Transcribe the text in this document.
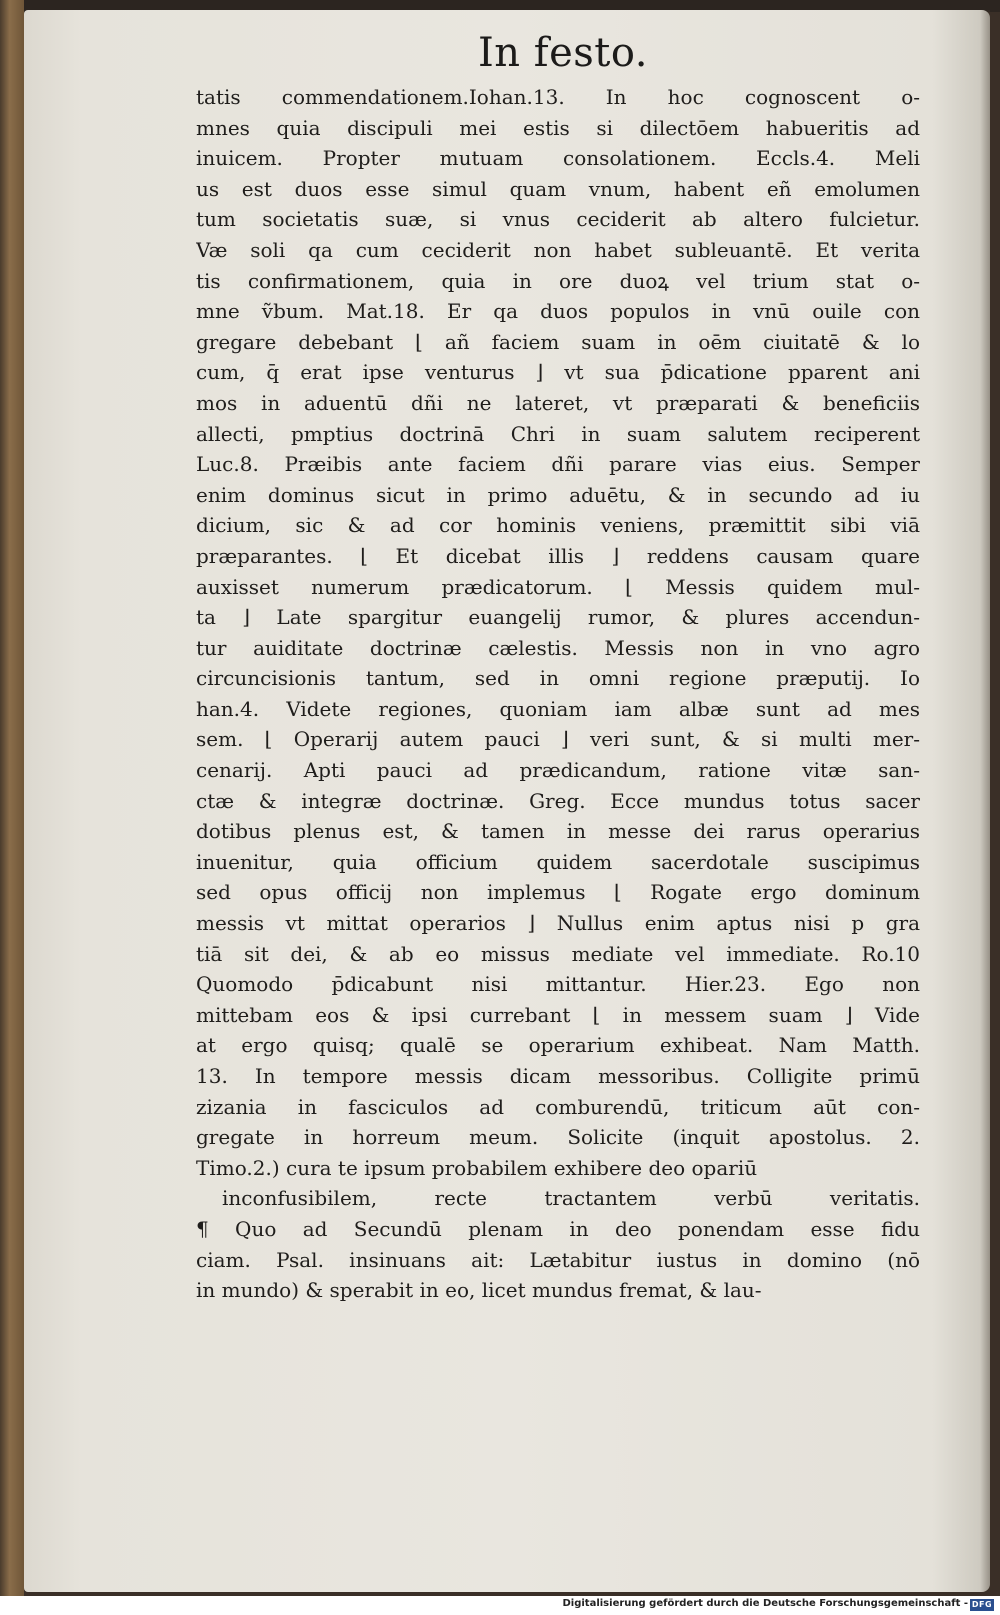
In festo.
tatis commendationem.Iohan.13. In hoc cognoscent o-
mnes quia discipuli mei estis si dilectōem habueritis ad
inuicem. Propter mutuam consolationem. Eccls.4. Meli
us est duos esse simul quam vnum, habent eñ emolumen
tum societatis suæ, si vnus ceciderit ab altero fulcietur.
Væ soli qa cum ceciderit non habet subleuantē. Et verita
tis confirmationem, quia in ore duoꝝ vel trium stat o-
mne ṽbum. Mat.18. Er qa duos populos in vnū ouile con
gregare debebant ⌊ añ faciem suam in oēm ciuitatē & lo
cum, q̄ erat ipse venturus ⌋ vt sua p̄dicatione pparent ani
mos in aduentū dñi ne lateret, vt præparati & beneficiis
allecti, pmptius doctrinā Chri in suam salutem reciperent
Luc.8. Præibis ante faciem dñi parare vias eius. Semper
enim dominus sicut in primo aduētu, & in secundo ad iu
dicium, sic & ad cor hominis veniens, præmittit sibi viā
præparantes. ⌊ Et dicebat illis ⌋ reddens causam quare
auxisset numerum prædicatorum. ⌊ Messis quidem mul-
ta ⌋ Late spargitur euangelij rumor, & plures accendun-
tur auiditate doctrinæ cælestis. Messis non in vno agro
circuncisionis tantum, sed in omni regione præputij. Io
han.4. Videte regiones, quoniam iam albæ sunt ad mes
sem. ⌊ Operarij autem pauci ⌋ veri sunt, & si multi mer-
cenarij. Apti pauci ad prædicandum, ratione vitæ san-
ctæ & integræ doctrinæ. Greg. Ecce mundus totus sacer
dotibus plenus est, & tamen in messe dei rarus operarius
inuenitur, quia officium quidem sacerdotale suscipimus
sed opus officij non implemus ⌊ Rogate ergo dominum
messis vt mittat operarios ⌋ Nullus enim aptus nisi p gra
tiā sit dei, & ab eo missus mediate vel immediate. Ro.10
Quomodo p̄dicabunt nisi mittantur. Hier.23. Ego non
mittebam eos & ipsi currebant ⌊ in messem suam ⌋ Vide
at ergo quisq; qualē se operarium exhibeat. Nam Matth.
13. In tempore messis dicam messoribus. Colligite primū
zizania in fasciculos ad comburendū, triticum aūt con-
gregate in horreum meum. Solicite (inquit apostolus. 2.
Timo.2.) cura te ipsum probabilem exhibere deo opariū
inconfusibilem, recte tractantem verbū veritatis.
¶ Quo ad Secundū plenam in deo ponendam esse fidu
ciam. Psal. insinuans ait: Lætabitur iustus in domino (nō
in mundo) & sperabit in eo, licet mundus fremat, & lau-
Digitalisierung gefördert durch die Deutsche Forschungsgemeinschaft - DFG
